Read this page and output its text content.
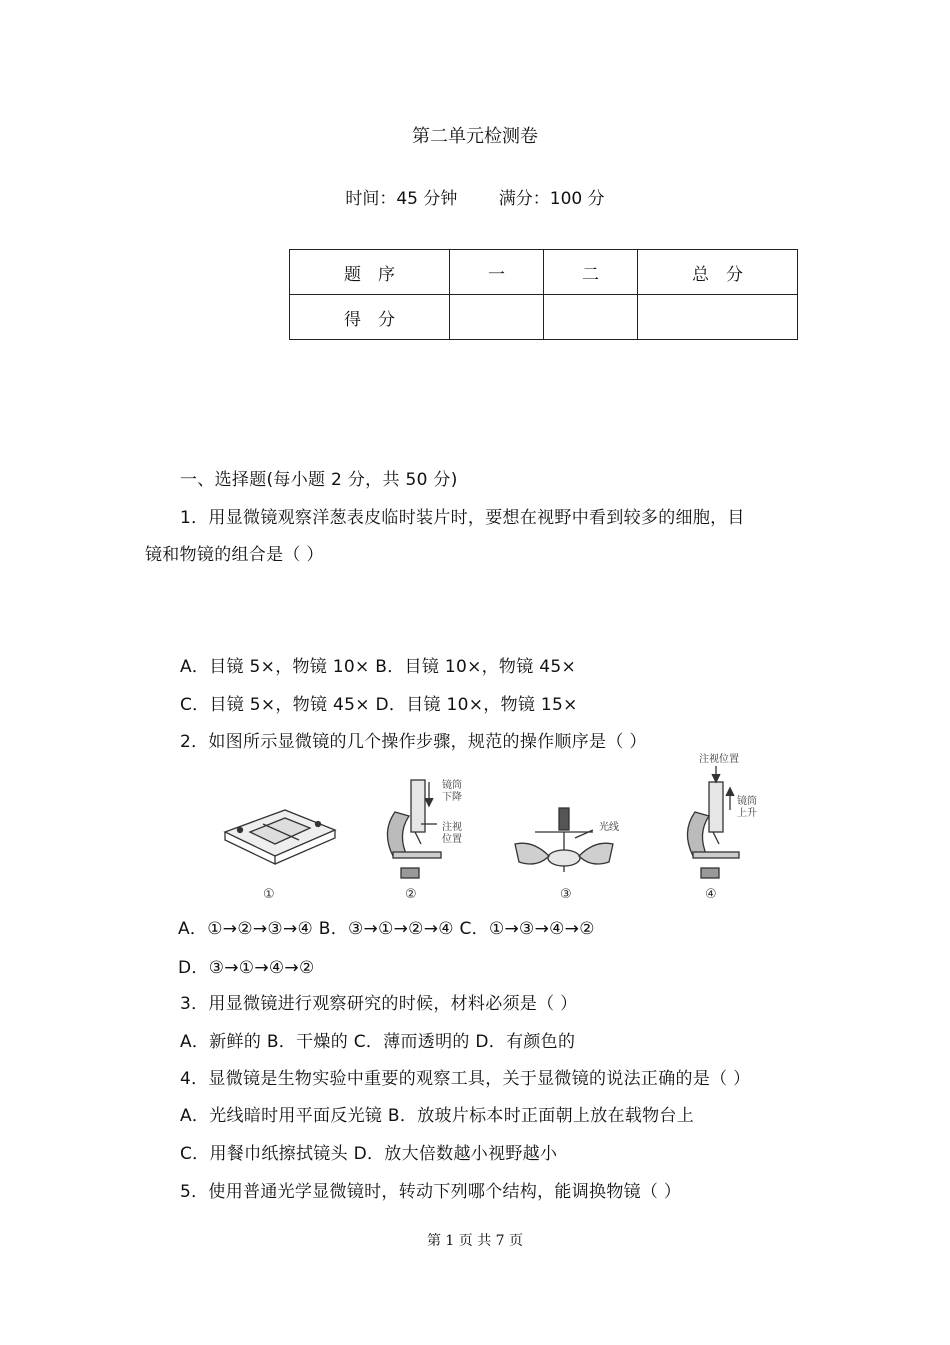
第二单元检测卷
时间：45 分钟 满分：100 分
题　序	一	二	总　分
得　分			
一、选择题(每小题 2 分，共 50 分)
1．用显微镜观察洋葱表皮临时装片时，要想在视野中看到较多的细胞，目
镜和物镜的组合是（ ）
A．目镜 5×，物镜 10× B．目镜 10×，物镜 45×
C．目镜 5×，物镜 45× D．目镜 10×，物镜 15×
2．如图所示显微镜的几个操作步骤，规范的操作顺序是（ ）
镜筒
下降
注视
位置
光线
注视位置
镜筒
上升
①	②	③	④
A．①→②→③→④ B．③→①→②→④ C．①→③→④→②
D．③→①→④→②
3．用显微镜进行观察研究的时候，材料必须是（ ）
A．新鲜的 B．干燥的 C．薄而透明的 D．有颜色的
4．显微镜是生物实验中重要的观察工具，关于显微镜的说法正确的是（ ）
A．光线暗时用平面反光镜 B．放玻片标本时正面朝上放在载物台上
C．用餐巾纸擦拭镜头 D．放大倍数越小视野越小
5．使用普通光学显微镜时，转动下列哪个结构，能调换物镜（ ）
第 1 页 共 7 页
